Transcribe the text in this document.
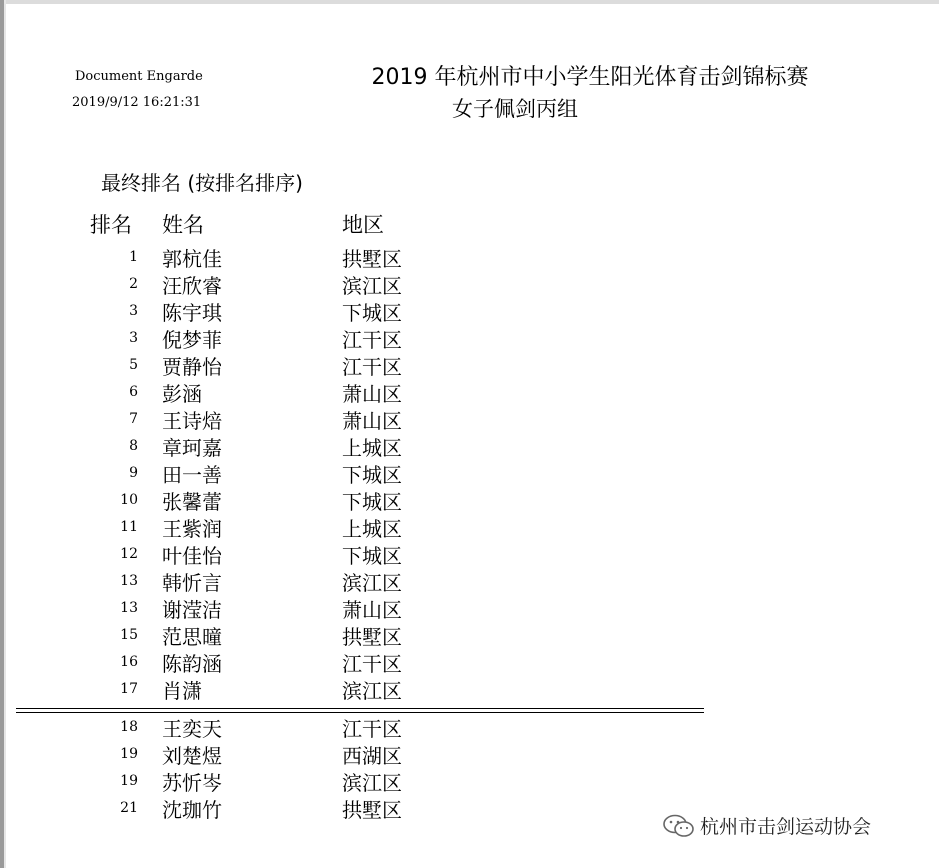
Document Engarde
2019/9/12 16:21:31
2019 年杭州市中小学生阳光体育击剑锦标赛
女子佩剑丙组
最终排名 (按排名排序)
排名 姓名	地区
1 郭杭佳	拱墅区
2 汪欣睿	滨江区
3 陈宇琪	下城区
3 倪梦菲	江干区
5 贾静怡	江干区
6 彭涵	萧山区
7 王诗焙	萧山区
8 章珂嘉	上城区
9 田一善	下城区
10 张馨蕾	下城区
11 王紫润	上城区
12 叶佳怡	下城区
13 韩忻言	滨江区
13 谢滢洁	萧山区
15 范思曈	拱墅区
16 陈韵涵	江干区
17 肖潇	滨江区
18 王奕天	江干区
19 刘楚煜	西湖区
19 苏忻岑	滨江区
21 沈珈竹	拱墅区
杭州市击剑运动协会
